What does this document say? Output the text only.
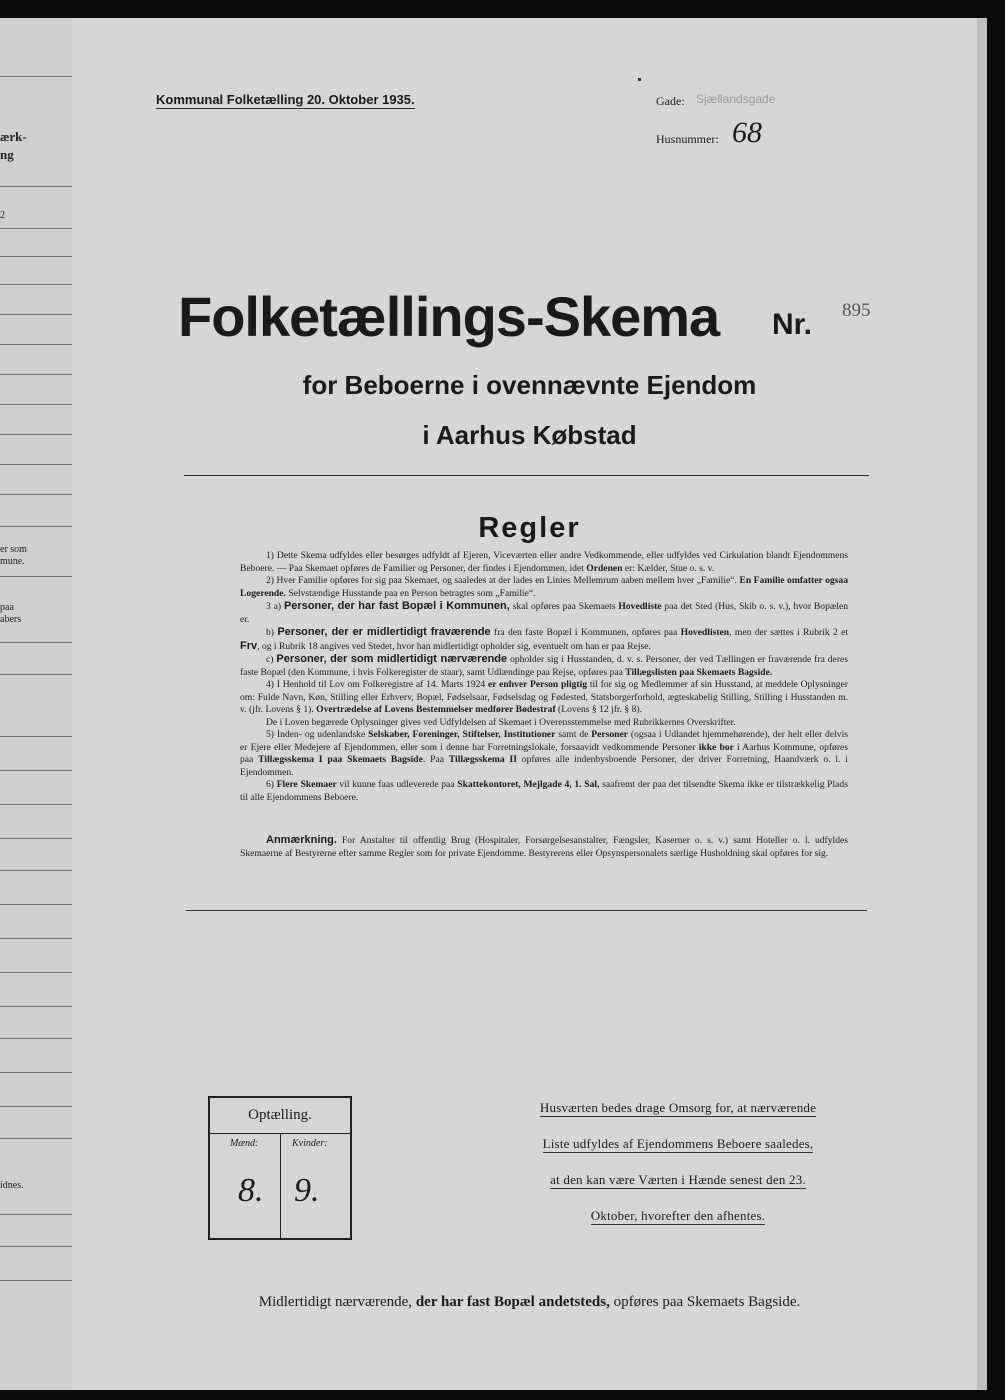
ærk-
ng
2
er som
mune.
paa
abers
idnes.
Kommunal Folketælling 20. Oktober 1935.	Gade: Sjællandsgade
Husnummer: 68
Folketællings-Skema Nr. 895
for Beboerne i ovennævnte Ejendom
i Aarhus Købstad
Regler

1) Dette Skema udfyldes eller besørges udfyldt af Ejeren, Viceværten eller andre Vedkommende, eller udfyldes ved Cirkulation blandt Ejendommens Beboere. — Paa Skemaet opføres de Familier og Personer, der findes i Ejendommen, idet Ordenen er: Kælder, Stue o. s. v.

2) Hver Familie opføres for sig paa Skemaet, og saaledes at der lades en Linies Mellemrum aaben mellem hver „Familie“. En Familie omfatter ogsaa Logerende. Selvstændige Husstande paa en Person betragtes som „Familie“.

3 a) Personer, der har fast Bopæl i Kommunen, skal opføres paa Skemaets Hovedliste paa det Sted (Hus, Skib o. s. v.), hvor Bopælen er.

b) Personer, der er midlertidigt fraværende fra den faste Bopæl i Kommunen, opføres paa Hovedlisten, men der sættes i Rubrik 2 et Frv, og i Rubrik 18 angives ved Stedet, hvor han midlertidigt opholder sig, eventuelt om han er paa Rejse.

c) Personer, der som midlertidigt nærværende opholder sig i Husstanden, d. v. s. Personer, der ved Tællingen er fraværende fra deres faste Bopæl (den Kommune, i hvis Folkeregister de staar), samt Udlændinge paa Rejse, opføres paa Tillægslisten paa Skemaets Bagside.

4) I Henhold til Lov om Folkeregistre af 14. Marts 1924 er enhver Person pligtig til for sig og Medlemmer af sin Husstand, at meddele Oplysninger om: Fulde Navn, Køn, Stilling eller Erhverv, Bopæl, Fødselsaar, Fødselsdag og Fødested, Statsborgerforhold, ægteskabelig Stilling, Stilling i Husstanden m. v. (jfr. Lovens § 1). Overtrædelse af Lovens Bestemmelser medfører Bødestraf (Lovens § 12 jfr. § 8).

De i Loven begærede Oplysninger gives ved Udfyldelsen af Skemaet i Overensstemmelse med Rubrikkernes Overskrifter.

5) Inden- og udenlandske Selskaber, Foreninger, Stiftelser, Institutioner samt de Personer (ogsaa i Udlandet hjemmehørende), der helt eller delvis er Ejere eller Medejere af Ejendommen, eller som i denne har Forretningslokale, forsaavidt vedkommende Personer ikke bor i Aarhus Kommune, opføres paa Tillægsskema I paa Skemaets Bagside. Paa Tillægsskema II opføres alle indenbysboende Personer, der driver Forretning, Haandværk o. l. i Ejendommen.

6) Flere Skemaer vil kunne faas udleverede paa Skattekontoret, Mejlgade 4, 1. Sal, saafremt der paa det tilsendte Skema ikke er tilstrækkelig Plads til alle Ejendommens Beboere.

Anmærkning. For Anstalter til offentlig Brug (Hospitaler, Forsørgelsesanstalter, Fængsler, Kaserner o. s. v.) samt Hoteller o. l. udfyldes Skemaerne af Bestyrerne efter samme Regler som for private Ejendomme. Bestyrerens eller Opsynspersonalets særlige Husholdning skal opføres for sig.
Optælling.
Mænd:	Kvinder:
8. 9.
Husværten bedes drage Omsorg for, at nærværende
Liste udfyldes af Ejendommens Beboere saaledes,
at den kan være Værten i Hænde senest den 23.
Oktober, hvorefter den afhentes.
Midlertidigt nærværende, der har fast Bopæl andetsteds, opføres paa Skemaets Bagside.
